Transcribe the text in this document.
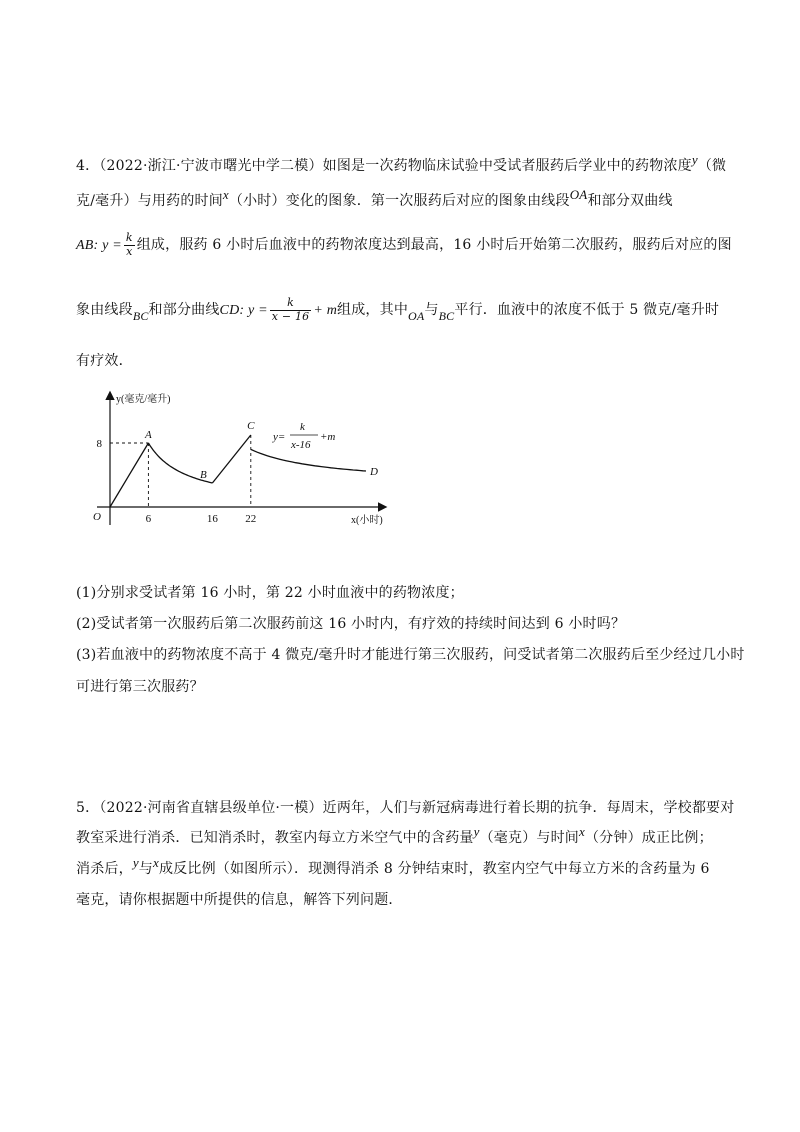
4．（2022·浙江·宁波市曙光中学二模）如图是一次药物临床试验中受试者服药后学业中的药物浓度y（微
克/毫升）与用药的时间x（小时）变化的图象．第一次服药后对应的图象由线段OA和部分双曲线
AB: $y = \frac{k}{x}$ 组成，服药 6 小时后血液中的药物浓度达到最高，16 小时后开始第二次服药，服药后对应的图
象由线段BC和部分曲线CD: $y = \frac{k}{x - 16} + m$组成，其中OA与BC平行．血液中的浓度不低于 5 微克/毫升时
有疗效．
6	16 22
8
A
B
C
D
y(毫克/毫升)
x(小时)
O
y=
k
x-16
+m
(1)分别求受试者第 16 小时，第 22 小时血液中的药物浓度；
(2)受试者第一次服药后第二次服药前这 16 小时内，有疗效的持续时间达到 6 小时吗？
(3)若血液中的药物浓度不高于 4 微克/毫升时才能进行第三次服药，问受试者第二次服药后至少经过几小时
可进行第三次服药？
5．（2022·河南省直辖县级单位·一模）近两年，人们与新冠病毒进行着长期的抗争．每周末，学校都要对
教室采进行消杀．已知消杀时，教室内每立方米空气中的含药量y（毫克）与时间x（分钟）成正比例；
消杀后，y与x成反比例（如图所示）．现测得消杀 8 分钟结束时，教室内空气中每立方米的含药量为 6
毫克，请你根据题中所提供的信息，解答下列问题．
